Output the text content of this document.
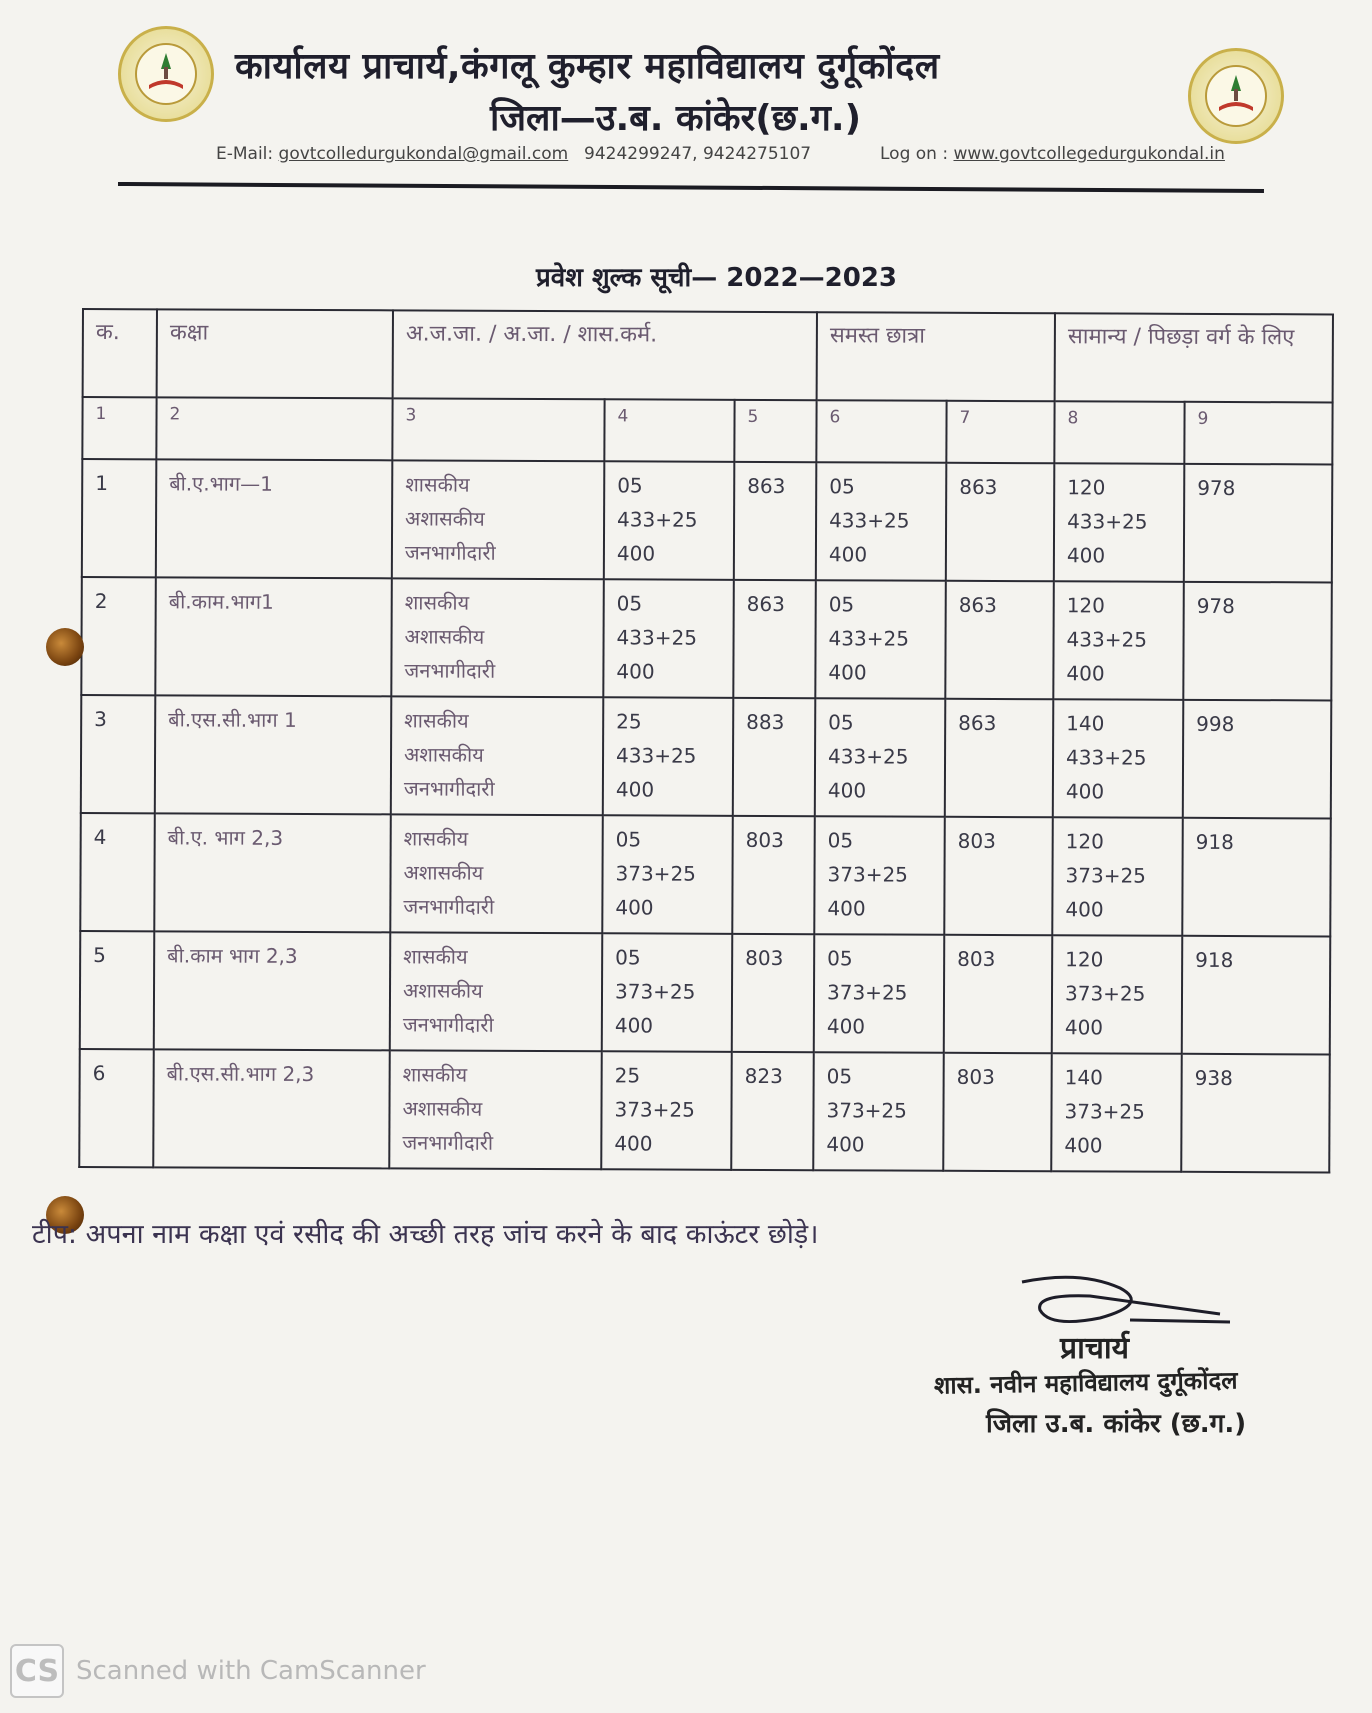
कार्यालय प्राचार्य,कंगलू कुम्हार महाविद्यालय दुर्गूकोंदल
जिला—उ.ब. कांकेर(छ.ग.)
E-Mail: govtcolledurgukondal@gmail.com 9424299247, 9424275107	Log on : www.govtcollegedurgukondal.in
प्रवेश शुल्क सूची— 2022—2023
क.	कक्षा	अ.ज.जा. / अ.जा. / शास.कर्म.			समस्त छात्रा		सामान्य / पिछड़ा वर्ग के लिए	
1	2	3	4	5	6	7	8	9
1	बी.ए.भाग—1	शासकीय
अशासकीय
जनभागीदारी	05
433+25
400	863	05
433+25
400	863	120
433+25
400	978
2	बी.काम.भाग1	शासकीय
अशासकीय
जनभागीदारी	05
433+25
400	863	05
433+25
400	863	120
433+25
400	978
3	बी.एस.सी.भाग 1	शासकीय
अशासकीय
जनभागीदारी	25
433+25
400	883	05
433+25
400	863	140
433+25
400	998
4	बी.ए. भाग 2,3	शासकीय
अशासकीय
जनभागीदारी	05
373+25
400	803	05
373+25
400	803	120
373+25
400	918
5	बी.काम भाग 2,3	शासकीय
अशासकीय
जनभागीदारी	05
373+25
400	803	05
373+25
400	803	120
373+25
400	918
6	बी.एस.सी.भाग 2,3	शासकीय
अशासकीय
जनभागीदारी	25
373+25
400	823	05
373+25
400	803	140
373+25
400	938
टीप: अपना नाम कक्षा एवं रसीद की अच्छी तरह जांच करने के बाद काऊंटर छोड़े।
प्राचार्य
शास. नवीन महाविद्यालय दुर्गूकोंदल
जिला उ.ब. कांकेर (छ.ग.)
CS Scanned with CamScanner
